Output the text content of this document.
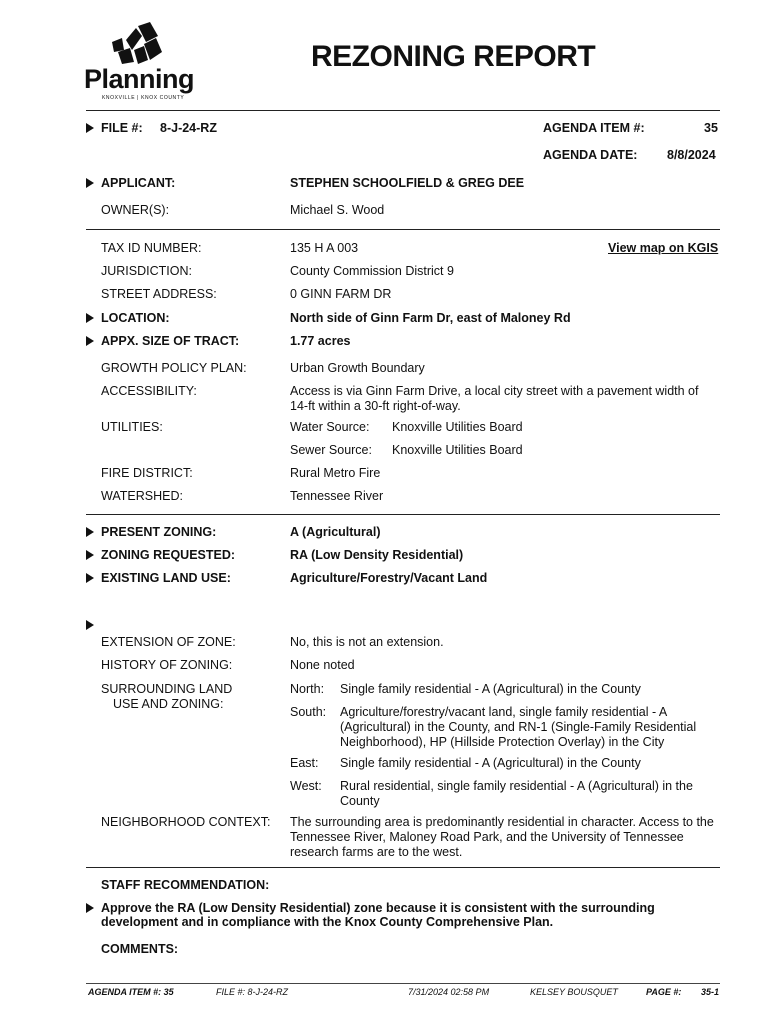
Planning
KNOXVILLE | KNOX COUNTY
REZONING REPORT
FILE #: 8-J-24-RZ	AGENDA ITEM #:	35
AGENDA DATE: 8/8/2024
APPLICANT:	STEPHEN SCHOOLFIELD & GREG DEE
OWNER(S):	Michael S. Wood
TAX ID NUMBER:	135 H A 003	View map on KGIS
JURISDICTION:	County Commission District 9
STREET ADDRESS:	0 GINN FARM DR
LOCATION:	North side of Ginn Farm Dr, east of Maloney Rd
APPX. SIZE OF TRACT:	1.77 acres
GROWTH POLICY PLAN:	Urban Growth Boundary
ACCESSIBILITY:	Access is via Ginn Farm Drive, a local city street with a pavement width of
14-ft within a 30-ft right-of-way.
UTILITIES:	Water Source: Knoxville Utilities Board
Sewer Source: Knoxville Utilities Board
FIRE DISTRICT:	Rural Metro Fire
WATERSHED:	Tennessee River
PRESENT ZONING:	A (Agricultural)
ZONING REQUESTED:	RA (Low Density Residential)
EXISTING LAND USE:	Agriculture/Forestry/Vacant Land
EXTENSION OF ZONE:	No, this is not an extension.
HISTORY OF ZONING:	None noted
SURROUNDING LAND
USE AND ZONING:
North: Single family residential - A (Agricultural) in the County
South: Agriculture/forestry/vacant land, single family residential - A
(Agricultural) in the County, and RN-1 (Single-Family Residential
Neighborhood), HP (Hillside Protection Overlay) in the City
East: Single family residential - A (Agricultural) in the County
West: Rural residential, single family residential - A (Agricultural) in the
County
NEIGHBORHOOD CONTEXT: The surrounding area is predominantly residential in character. Access to the
Tennessee River, Maloney Road Park, and the University of Tennessee
research farms are to the west.
STAFF RECOMMENDATION:
Approve the RA (Low Density Residential) zone because it is consistent with the surrounding
development and in compliance with the Knox County Comprehensive Plan.
COMMENTS:
AGENDA ITEM #: 35	FILE #: 8-J-24-RZ	7/31/2024 02:58 PM	KELSEY BOUSQUET	PAGE #: 35-1
